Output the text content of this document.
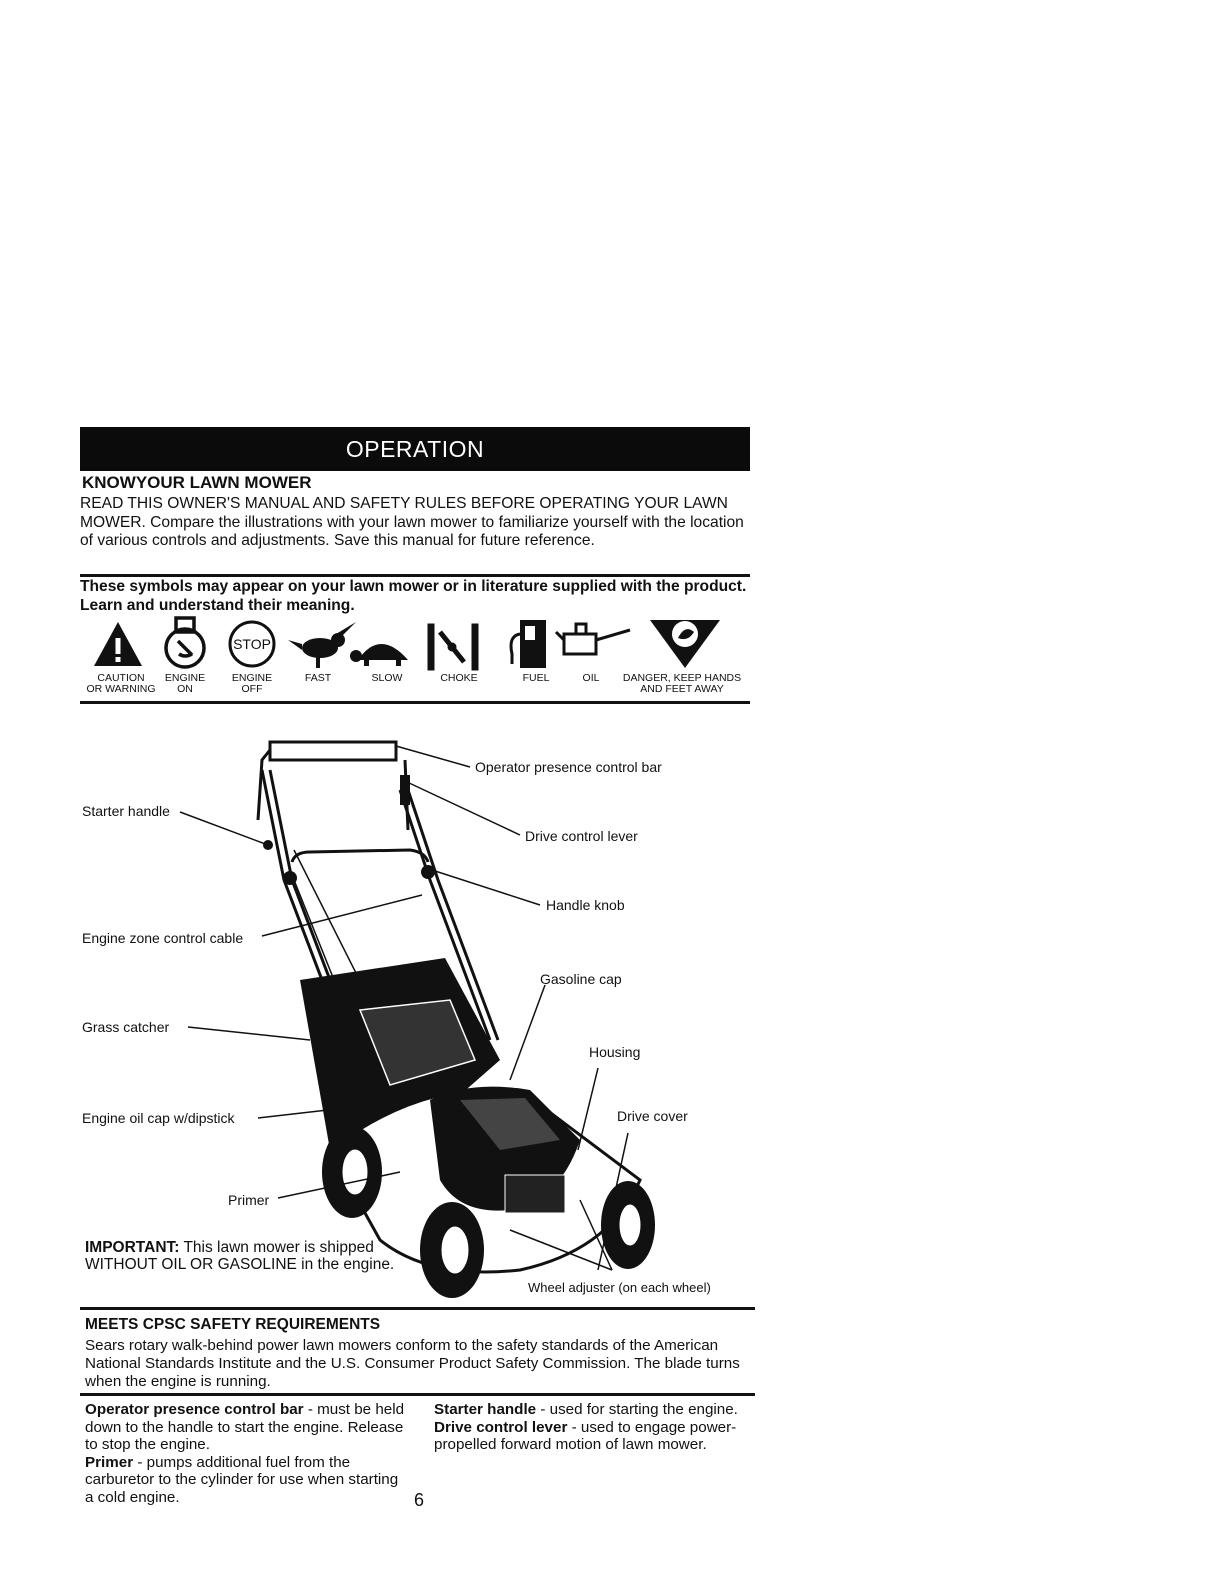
OPERATION
KNOWYOUR LAWN MOWER
READ THIS OWNER'S MANUAL AND SAFETY RULES BEFORE OPERATING YOUR LAWN MOWER. Compare the illustrations with your lawn mower to familiarize yourself with the location of various controls and adjustments. Save this manual for future reference.
These symbols may appear on your lawn mower or in literature supplied with the product. Learn and understand their meaning.
STOP
CAUTION
OR WARNING
ENGINE
ON
ENGINE
OFF
FAST	SLOW	CHOKE	FUEL	OIL	DANGER, KEEP HANDS
AND FEET AWAY
Operator presence control bar
Starter handle
Drive control lever
Handle knob
Engine zone control cable
Gasoline cap
Grass catcher
Housing
Engine oil cap w/dipstick	Drive cover
Primer
Wheel adjuster (on each wheel)
IMPORTANT: This lawn mower is shipped WITHOUT OIL OR GASOLINE in the engine.
MEETS CPSC SAFETY REQUIREMENTS
Sears rotary walk-behind power lawn mowers conform to the safety standards of the American National Standards Institute and the U.S. Consumer Product Safety Commission. The blade turns when the engine is running.
Operator presence control bar - must be held down to the handle to start the engine. Release to stop the engine.
Primer - pumps additional fuel from the carburetor to the cylinder for use when starting a cold engine.
Starter handle - used for starting the engine.
Drive control lever - used to engage power-propelled forward motion of lawn mower.
6
